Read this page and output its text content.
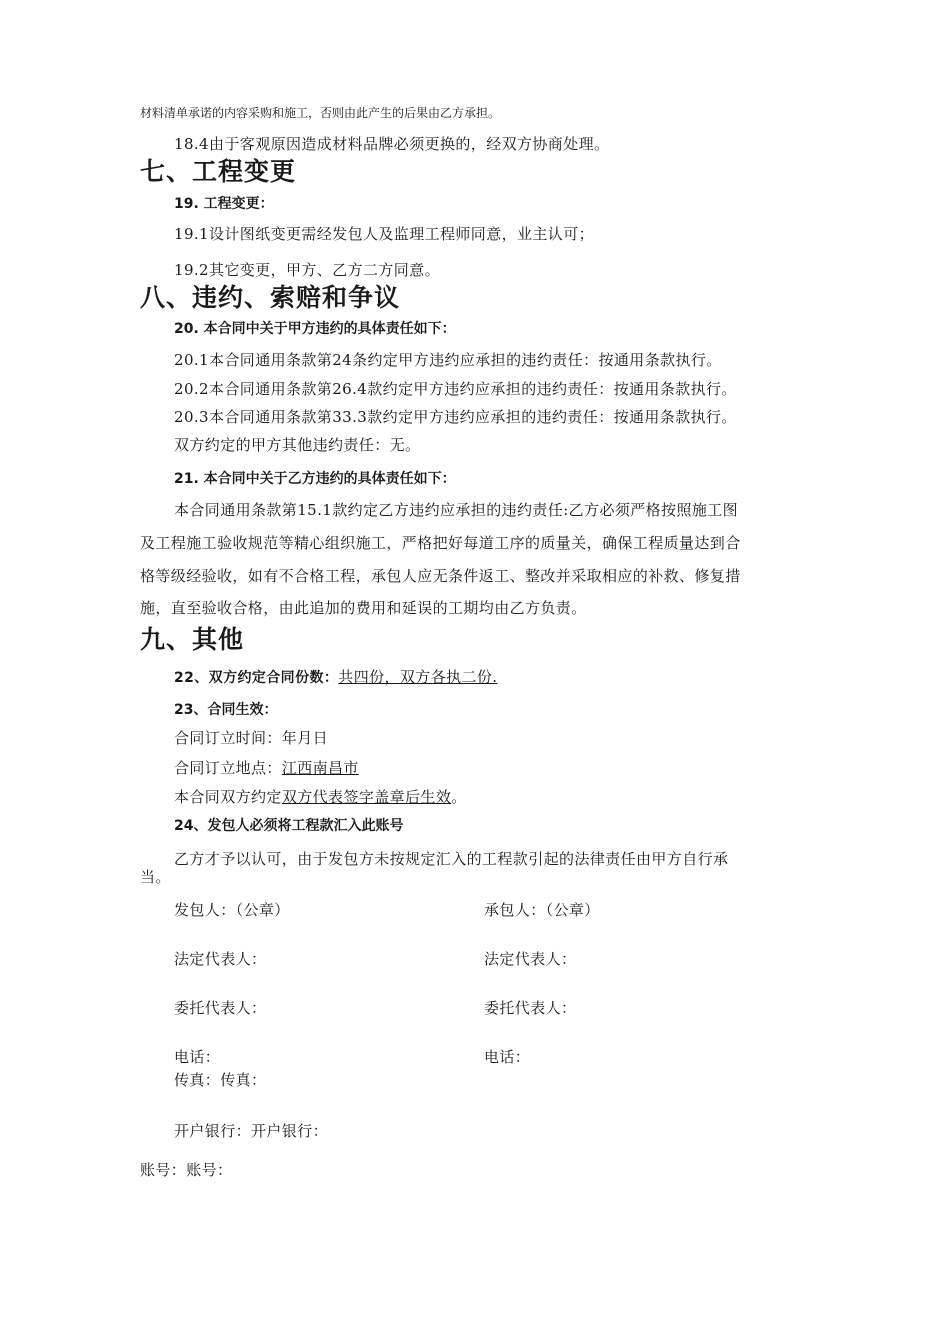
材料清单承诺的内容采购和施工，否则由此产生的后果由乙方承担。

18.4由于客观原因造成材料品牌必须更换的，经双方协商处理。

七、工程变更

19. 工程变更：

19.1设计图纸变更需经发包人及监理工程师同意，业主认可；

19.2其它变更，甲方、乙方二方同意。

八、违约、索赔和争议

20. 本合同中关于甲方违约的具体责任如下：

20.1本合同通用条款第24条约定甲方违约应承担的违约责任：按通用条款执行。

20.2本合同通用条款第26.4款约定甲方违约应承担的违约责任：按通用条款执行。

20.3本合同通用条款第33.3款约定甲方违约应承担的违约责任：按通用条款执行。

双方约定的甲方其他违约责任：无。

21. 本合同中关于乙方违约的具体责任如下：

本合同通用条款第15.1款约定乙方违约应承担的违约责任:乙方必须严格按照施工图

及工程施工验收规范等精心组织施工，严格把好每道工序的质量关，确保工程质量达到合

格等级经验收，如有不合格工程，承包人应无条件返工、整改并采取相应的补救、修复措

施，直至验收合格，由此追加的费用和延误的工期均由乙方负责。

九、其他

22、双方约定合同份数：共四份，双方各执二份.

23、合同生效：

合同订立时间：年月日

合同订立地点：江西南昌市

本合同双方约定双方代表签字盖章后生效。

24、发包人必须将工程款汇入此账号

乙方才予以认可，由于发包方未按规定汇入的工程款引起的法律责任由甲方自行承

当。

发包人：（公章）	承包人：（公章）

法定代表人：	法定代表人：

委托代表人：	委托代表人：

电话：	电话：

传真：传真：

开户银行：开户银行：

账号：账号：
